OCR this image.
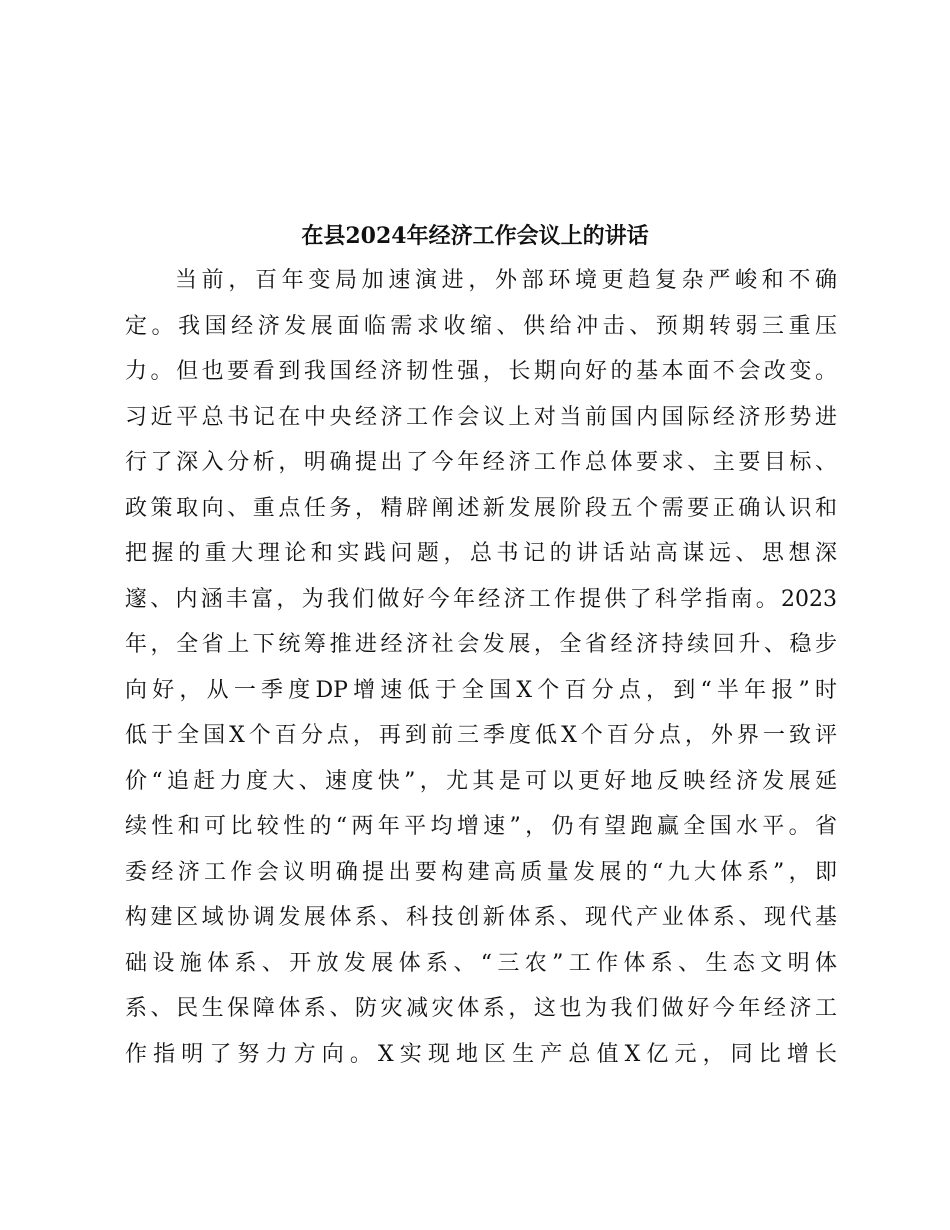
在县2024年经济工作会议上的讲话
当前，百年变局加速演进，外部环境更趋复杂严峻和不确
定。我国经济发展面临需求收缩、供给冲击、预期转弱三重压
力。但也要看到我国经济韧性强，长期向好的基本面不会改变。
习近平总书记在中央经济工作会议上对当前国内国际经济形势进
行了深入分析，明确提出了今年经济工作总体要求、主要目标、
政策取向、重点任务，精辟阐述新发展阶段五个需要正确认识和
把握的重大理论和实践问题，总书记的讲话站高谋远、思想深
邃、内涵丰富，为我们做好今年经济工作提供了科学指南。2023
年，全省上下统筹推进经济社会发展，全省经济持续回升、稳步
向好，从一季度DP增速低于全国X个百分点，到“半年报”时
低于全国X个百分点，再到前三季度低X个百分点，外界一致评
价“追赶力度大、速度快”，尤其是可以更好地反映经济发展延
续性和可比较性的“两年平均增速”，仍有望跑赢全国水平。省
委经济工作会议明确提出要构建高质量发展的“九大体系”，即
构建区域协调发展体系、科技创新体系、现代产业体系、现代基
础设施体系、开放发展体系、“三农”工作体系、生态文明体
系、民生保障体系、防灾减灾体系，这也为我们做好今年经济工
作指明了努力方向。X实现地区生产总值X亿元，同比增长
